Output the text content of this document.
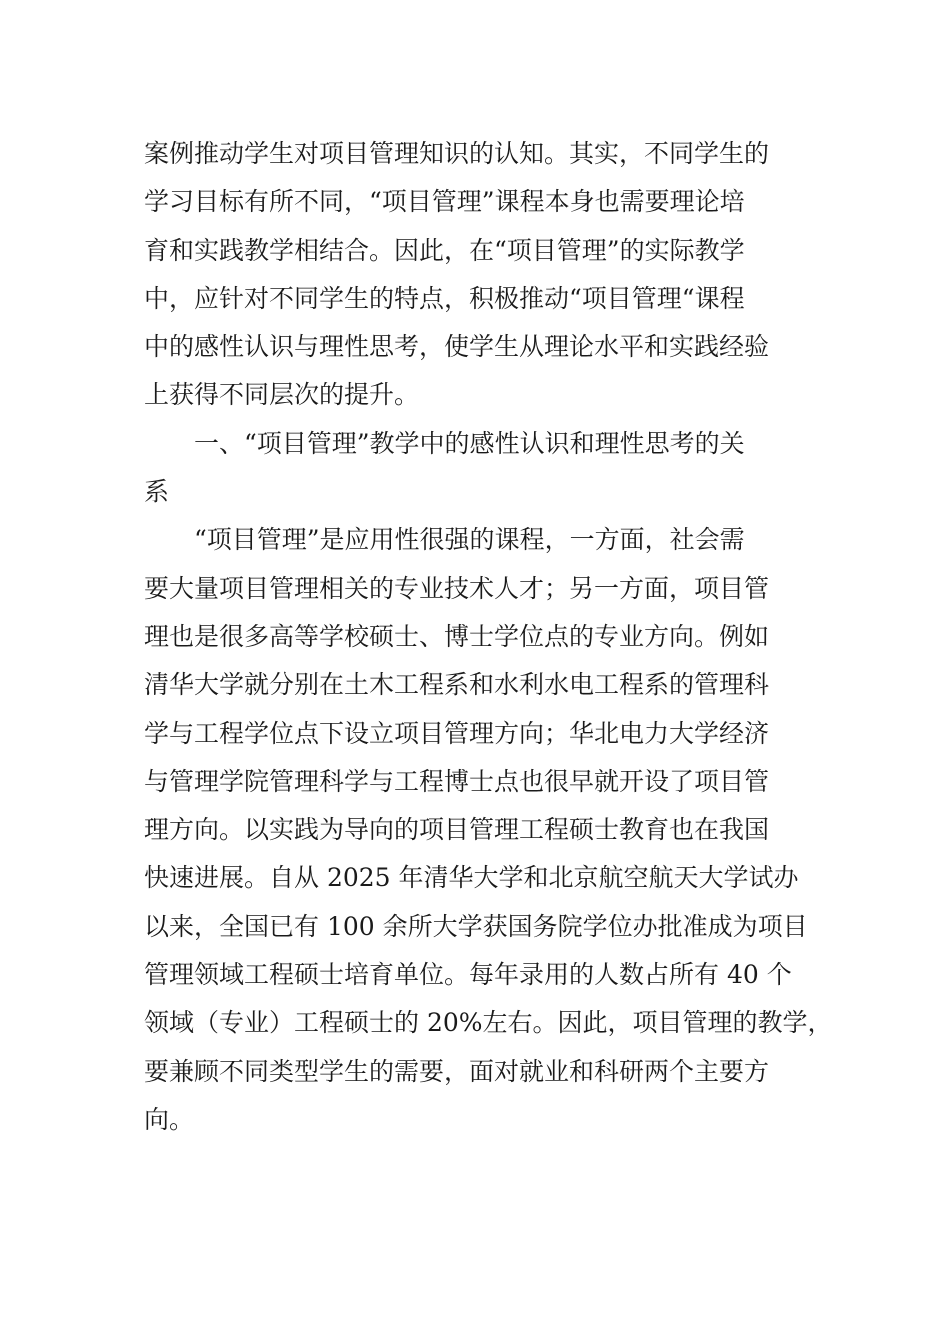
案例推动学生对项目管理知识的认知。其实，不同学生的
学习目标有所不同，“项目管理”课程本身也需要理论培
育和实践教学相结合。因此，在“项目管理”的实际教学
中，应针对不同学生的特点，积极推动“项目管理“课程
中的感性认识与理性思考，使学生从理论水平和实践经验
上获得不同层次的提升。
一、“项目管理”教学中的感性认识和理性思考的关
系
“项目管理”是应用性很强的课程，一方面，社会需
要大量项目管理相关的专业技术人才；另一方面，项目管
理也是很多高等学校硕士、博士学位点的专业方向。例如
清华大学就分别在土木工程系和水利水电工程系的管理科
学与工程学位点下设立项目管理方向；华北电力大学经济
与管理学院管理科学与工程博士点也很早就开设了项目管
理方向。以实践为导向的项目管理工程硕士教育也在我国
快速进展。自从 2025 年清华大学和北京航空航天大学试办
以来，全国已有 100 余所大学获国务院学位办批准成为项目
管理领域工程硕士培育单位。每年录用的人数占所有 40 个
领域（专业）工程硕士的 20%左右。因此，项目管理的教学，
要兼顾不同类型学生的需要，面对就业和科研两个主要方
向。
